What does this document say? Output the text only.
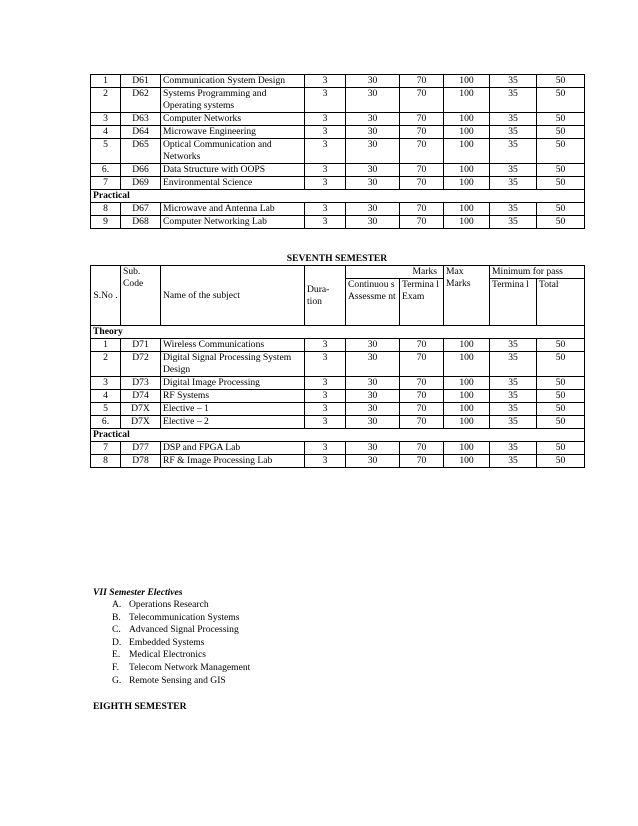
1	D61	Communication System Design	3	30	70	100	35	50
2	D62	Systems Programming and Operating systems	3	30	70	100	35	50
3	D63	Computer Networks	3	30	70	100	35	50
4	D64	Microwave Engineering	3	30	70	100	35	50
5	D65	Optical Communication and Networks	3	30	70	100	35	50
6.	D66	Data Structure with OOPS	3	30	70	100	35	50
7	D69	Environmental Science	3	30	70	100	35	50
Practical								
8	D67	Microwave and Antenna Lab	3	30	70	100	35	50
9	D68	Computer Networking Lab	3	30	70	100	35	50
SEVENTH SEMESTER
S.No .	Sub. Code	Name of the subject	Dura- tion	Marks		Max Marks	Minimum for pass	
				Continuou s Assessme nt	Termina l Exam		Termina l	Total
Theory								
1	D71	Wireless Communications	3	30	70	100	35	50
2	D72	Digital Signal Processing System Design	3	30	70	100	35	50
3	D73	Digital Image Processing	3	30	70	100	35	50
4	D74	RF Systems	3	30	70	100	35	50
5	D7X	Elective – 1	3	30	70	100	35	50
6.	D7X	Elective – 2	3	30	70	100	35	50
Practical								
7	D77	DSP and FPGA Lab	3	30	70	100	35	50
8	D78	RF & Image Processing Lab	3	30	70	100	35	50
VII Semester Electives
A. Operations Research
B. Telecommunication Systems
C. Advanced Signal Processing
D. Embedded Systems
E. Medical Electronics
F. Telecom Network Management
G. Remote Sensing and GIS
EIGHTH SEMESTER
